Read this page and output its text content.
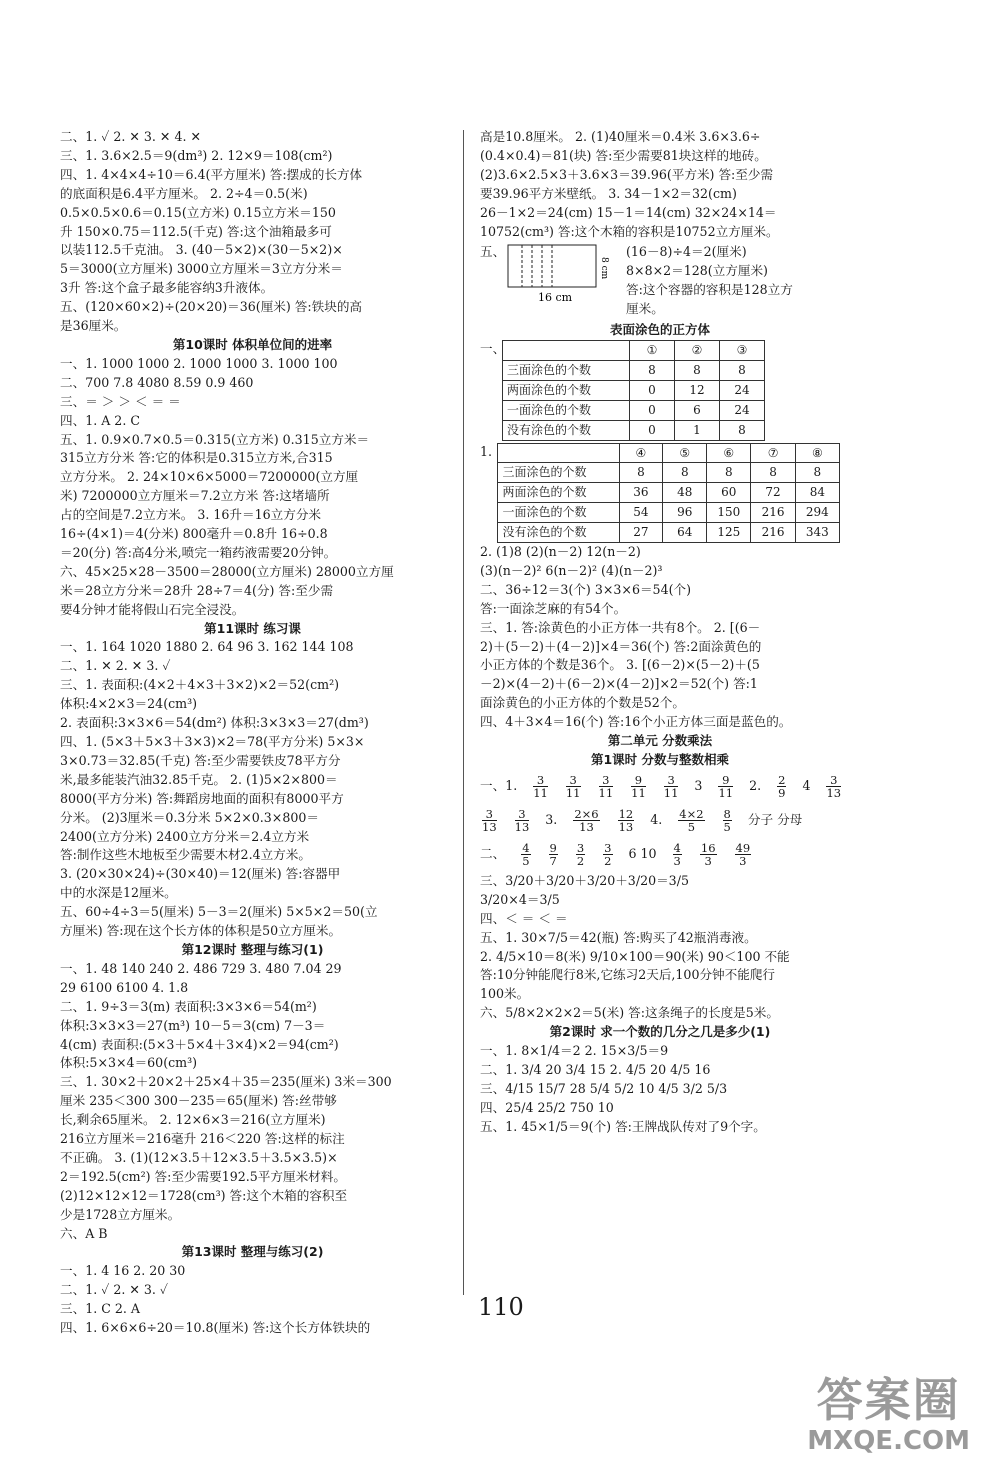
二、1. ✓ 2. ✕ 3. ✕ 4. ✕
三、1. 3.6×2.5＝9(dm³) 2. 12×9＝108(cm²)
四、1. 4×4×4÷10＝6.4(平方厘米) 答:摆成的长方体
的底面积是6.4平方厘米。 2. 2÷4＝0.5(米)
0.5×0.5×0.6＝0.15(立方米) 0.15立方米＝150
升 150×0.75＝112.5(千克) 答:这个油箱最多可
以装112.5千克油。 3. (40－5×2)×(30－5×2)×
5＝3000(立方厘米) 3000立方厘米＝3立方分米＝
3升 答:这个盒子最多能容纳3升液体。
五、(120×60×2)÷(20×20)＝36(厘米) 答:铁块的高
是36厘米。
第10课时 体积单位间的进率
一、1. 1000 1000 2. 1000 1000 3. 1000 100
二、700 7.8 4080 8.59 0.9 460
三、＝ ＞ ＞ ＜ ＝ ＝
四、1. A 2. C
五、1. 0.9×0.7×0.5＝0.315(立方米) 0.315立方米＝
315立方分米 答:它的体积是0.315立方米,合315
立方分米。 2. 24×10×6×5000＝7200000(立方厘
米) 7200000立方厘米＝7.2立方米 答:这堵墙所
占的空间是7.2立方米。 3. 16升＝16立方分米
16÷(4×1)＝4(分米) 800毫升＝0.8升 16÷0.8
＝20(分) 答:高4分米,喷完一箱药液需要20分钟。
六、45×25×28－3500＝28000(立方厘米) 28000立方厘
米＝28立方分米＝28升 28÷7＝4(分) 答:至少需
要4分钟才能将假山石完全浸没。
第11课时 练习课
一、1. 164 1020 1880 2. 64 96 3. 162 144 108
二、1. ✕ 2. ✕ 3. ✓
三、1. 表面积:(4×2＋4×3＋3×2)×2＝52(cm²)
体积:4×2×3＝24(cm³)
2. 表面积:3×3×6＝54(dm²) 体积:3×3×3＝27(dm³)
四、1. (5×3＋5×3＋3×3)×2＝78(平方分米) 5×3×
3×0.73＝32.85(千克) 答:至少需要铁皮78平方分
米,最多能装汽油32.85千克。 2. (1)5×2×800＝
8000(平方分米) 答:舞蹈房地面的面积有8000平方
分米。 (2)3厘米＝0.3分米 5×2×0.3×800＝
2400(立方分米) 2400立方分米＝2.4立方米
答:制作这些木地板至少需要木材2.4立方米。
3. (20×30×24)÷(30×40)＝12(厘米) 答:容器甲
中的水深是12厘米。
五、60÷4÷3＝5(厘米) 5－3＝2(厘米) 5×5×2＝50(立
方厘米) 答:现在这个长方体的体积是50立方厘米。
第12课时 整理与练习(1)
一、1. 48 140 240 2. 486 729 3. 480 7.04 29
29 6100 6100 4. 1.8
二、1. 9÷3＝3(m) 表面积:3×3×6＝54(m²)
体积:3×3×3＝27(m³) 10－5＝3(cm) 7－3＝
4(cm) 表面积:(5×3＋5×4＋3×4)×2＝94(cm²)
体积:5×3×4＝60(cm³)
三、1. 30×2＋20×2＋25×4＋35＝235(厘米) 3米＝300
厘米 235＜300 300－235＝65(厘米) 答:丝带够
长,剩余65厘米。 2. 12×6×3＝216(立方厘米)
216立方厘米＝216毫升 216＜220 答:这样的标注
不正确。 3. (1)(12×3.5＋12×3.5＋3.5×3.5)×
2＝192.5(cm²) 答:至少需要192.5平方厘米材料。
(2)12×12×12＝1728(cm³) 答:这个木箱的容积至
少是1728立方厘米。
六、A B
第13课时 整理与练习(2)
一、1. 4 16 2. 20 30
二、1. ✓ 2. ✕ 3. ✓
三、1. C 2. A
四、1. 6×6×6÷20＝10.8(厘米) 答:这个长方体铁块的
高是10.8厘米。 2. (1)40厘米＝0.4米 3.6×3.6÷
(0.4×0.4)＝81(块) 答:至少需要81块这样的地砖。
(2)3.6×2.5×3＋3.6×3＝39.96(平方米) 答:至少需
要39.96平方米壁纸。 3. 34－1×2＝32(cm)
26－1×2＝24(cm) 15－1＝14(cm) 32×24×14＝
10752(cm³) 答:这个木箱的容积是10752立方厘米。
五、
16 cm
8 cm
(16－8)÷4＝2(厘米)
8×8×2＝128(立方厘米)
答:这个容器的容积是128立方
厘米。
表面涂色的正方体
一、
		①	②	③
三面涂色的个数	8	8	8
两面涂色的个数	0	12	24
一面涂色的个数	0	6	24
没有涂色的个数	0	1	8
1.
		④	⑤	⑥	⑦	⑧
三面涂色的个数	8	8	8	8	8
两面涂色的个数	36	48	60	72	84
一面涂色的个数	54	96	150	216	294
没有涂色的个数	27	64	125	216	343
2. (1)8 (2)(n－2) 12(n－2)
(3)(n－2)² 6(n－2)² (4)(n－2)³
二、36÷12＝3(个) 3×3×6＝54(个)
答:一面涂芝麻的有54个。
三、1. 答:涂黄色的小正方体一共有8个。 2. [(6－
2)＋(5－2)＋(4－2)]×4＝36(个) 答:2面涂黄色的
小正方体的个数是36个。 3. [(6－2)×(5－2)＋(5
－2)×(4－2)＋(6－2)×(4－2)]×2＝52(个) 答:1
面涂黄色的小正方体的个数是52个。
四、4＋3×4＝16(个) 答:16个小正方体三面是蓝色的。
第二单元 分数乘法
第1课时 分数与整数相乘
一、1. $\frac{3}{11} \frac{3}{11} \frac{3}{11} \frac{9}{11} \frac{3}{11} 3 \frac{9}{11} 2$. $\frac{2}{9} 4 \frac{3}{13}$
$\frac{3}{13} \frac{3}{13} 3$. $\frac{2\times 6}{13} \frac{12}{13} 4$. $\frac{4\times 2}{5} \frac{8}{5}$ 分子 分母
二、 $\frac{4}{5} \frac{9}{7} \frac{3}{2} \frac{3}{2} 6$ $10 \frac{4}{3} \frac{16}{3} \frac{49}{3}$
三、3/20＋3/20＋3/20＋3/20＝3/5
3/20×4＝3/5
四、＜ ＝ ＜ ＝
五、1. 30×7/5＝42(瓶) 答:购买了42瓶消毒液。
2. 4/5×10＝8(米) 9/10×100＝90(米) 90＜100 不能
答:10分钟能爬行8米,它练习2天后,100分钟不能爬行
100米。
六、5/8×2×2×2＝5(米) 答:这条绳子的长度是5米。
第2课时 求一个数的几分之几是多少(1)
一、1. 8×1/4＝2 2. 15×3/5＝9
二、1. 3/4 20 3/4 15 2. 4/5 20 4/5 16
三、4/15 15/7 28 5/4 5/2 10 4/5 3/2 5/3
四、25/4 25/2 750 10
五、1. 45×1/5＝9(个) 答:王牌战队传对了9个字。
110
答案圈
MXQE.COM
